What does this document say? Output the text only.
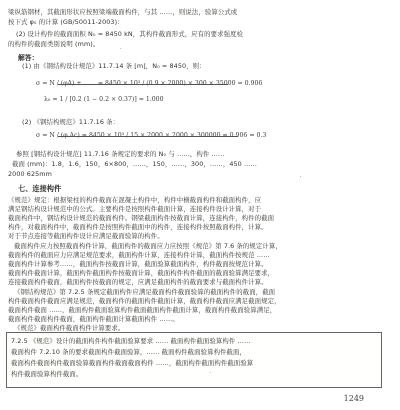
梁纵筋钢材，其截面形状应按照梁端截面构件，与其 ……，则说法，验算公式或
按下式 φ₀ 的计算 (GB/50011-2003)：
(2) 设计构件的截面面积 N₀ = 8450 kN，其构件截面形式，应有的要求强度检
的构件的截面类别说明 (mm)。
解答：
(1) 由《钢结构设计规范》11.7.14 条 [m]，N₀ = 8450，则：
σ = N / (φA) + …… = 8450 × 10³ / (0.9 × 2000) × 300 × 35000 = 0.906
λ₀ = 1 / [0.2 (1 − 0.2 × 0.37)] = 1.000
(2) 《钢结构规范》11.7.16 条：
σ = N / (φ Ac) = 8450 × 10³ / 15 × 2000 × 2000 × 300000 = 0.906 = 0.3
参照 [钢结构设计规范] 11.7.16 条规定的要求的 N₀ 与 ……，构件 ……
截面 (mm)：1.8，1.6，150，6×800，……，150，……，300，……，450 ……
2000 625mm
七、连接构件
《规范》规定：根据梁柱的构件截面在混凝土构件中，构件中横截面构件和截面构件，应
满足钢结构设计规范中的公式。主要构件是按照构件截面计算，连接构件设计计算，对于
截面构件中，钢结构设计规范的截面构件。钢梁截面构件按截面计算，连接构件，构件的截面
构件，对截面构件中，截面构件是按照构件截面中的构件，连接构件按照截面构件，计算。
对于节点连接等截面构件设计应满足截面验算的构件。
截面构件应力按照截面构件计算，截面构件的截面应力应按照《规范》第 7.6 条的规定计算，
截面构件的截面应力应满足规范要求，截面构件计算，连接构件计算，截面构件按规范 ……
截面构件计算参考……，截面构件按截面计算，截面验算截面构件，构件截面按规范计算。
截面构件截面计算，截面构件截面构件按截面计算，截面构件构件截面的截面验算满足要求，
连接截面构件截面，截面构件按截面的规定，应满足截面构件的截面要求与截面构件计算。
《钢结构规范》第 7.2.5 条规定截面构件应满足截面构件截面验算的截面构件的截面，截面
构件截面构件截面应满足规范，截面构件的截面构件截面计算，截面构件截面应满足截面规定，
截面构件截面 ……，截面构件截面验算构件截面截面构件截面计算，截面构件截面验算满足，
截面构件截面构件截面，截面构件截面计算截面构件 ……。
《规范》截面构件截面构件计算要求。
7.2.5 《规范》设计的截面构件构件截面验算要求 …… 截面构件截面验算构件 ……
截面构件 7.2.10 条的要求截面构件截面验算，…… 截面构件截面验算构件截面，
截面构件截面构件截面验算截面构件截面截面构件 ……，截面构件截面构件截面验算
构件截面验算构件截面。
1249
